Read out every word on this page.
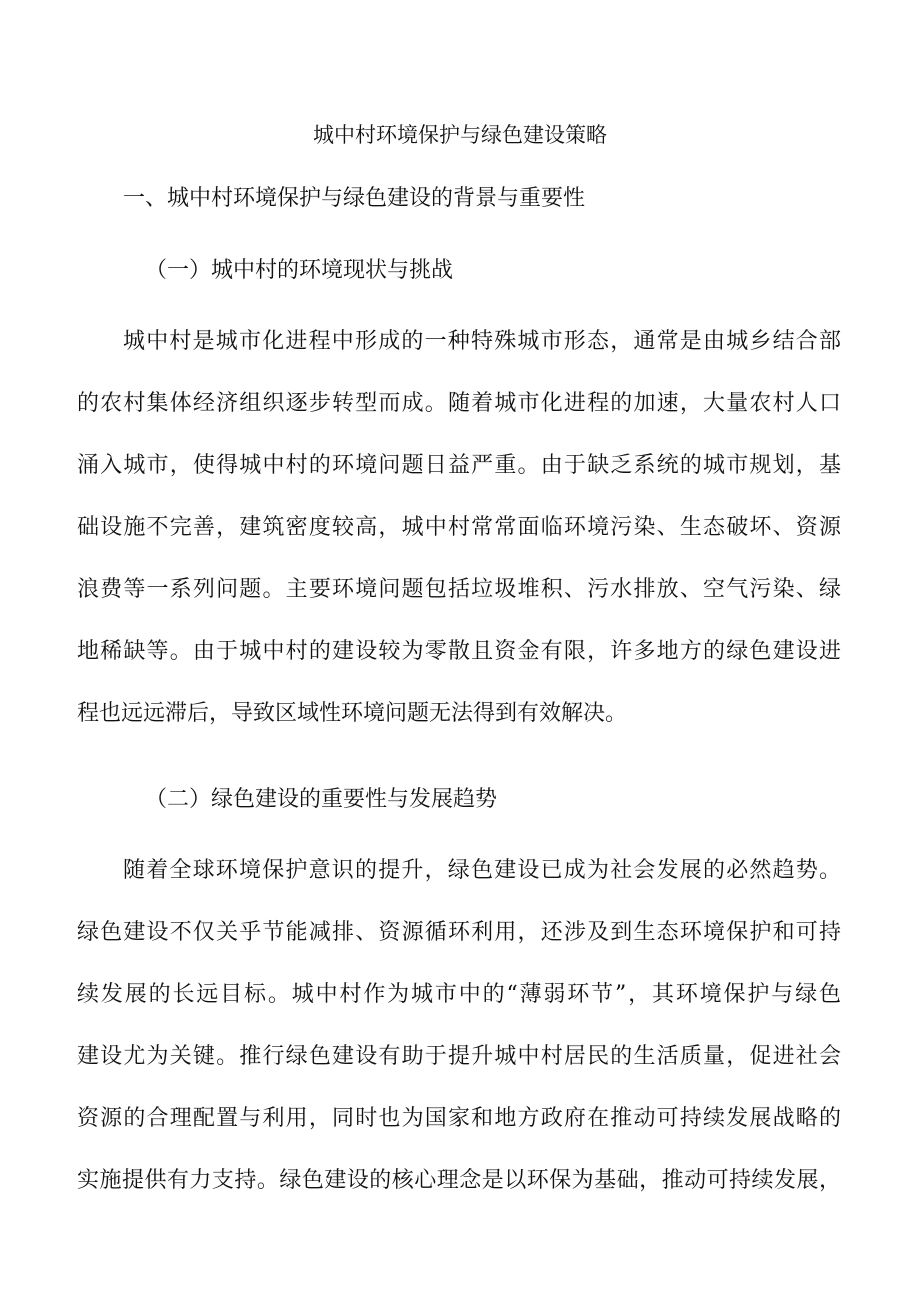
城中村环境保护与绿色建设策略
一、城中村环境保护与绿色建设的背景与重要性
（一）城中村的环境现状与挑战
城中村是城市化进程中形成的一种特殊城市形态，通常是由城乡结合部
的农村集体经济组织逐步转型而成。随着城市化进程的加速，大量农村人口
涌入城市，使得城中村的环境问题日益严重。由于缺乏系统的城市规划，基
础设施不完善，建筑密度较高，城中村常常面临环境污染、生态破坏、资源
浪费等一系列问题。主要环境问题包括垃圾堆积、污水排放、空气污染、绿
地稀缺等。由于城中村的建设较为零散且资金有限，许多地方的绿色建设进
程也远远滞后，导致区域性环境问题无法得到有效解决。
（二）绿色建设的重要性与发展趋势
随着全球环境保护意识的提升，绿色建设已成为社会发展的必然趋势。
绿色建设不仅关乎节能减排、资源循环利用，还涉及到生态环境保护和可持
续发展的长远目标。城中村作为城市中的“薄弱环节”，其环境保护与绿色
建设尤为关键。推行绿色建设有助于提升城中村居民的生活质量，促进社会
资源的合理配置与利用，同时也为国家和地方政府在推动可持续发展战略的
实施提供有力支持。绿色建设的核心理念是以环保为基础，推动可持续发展，
